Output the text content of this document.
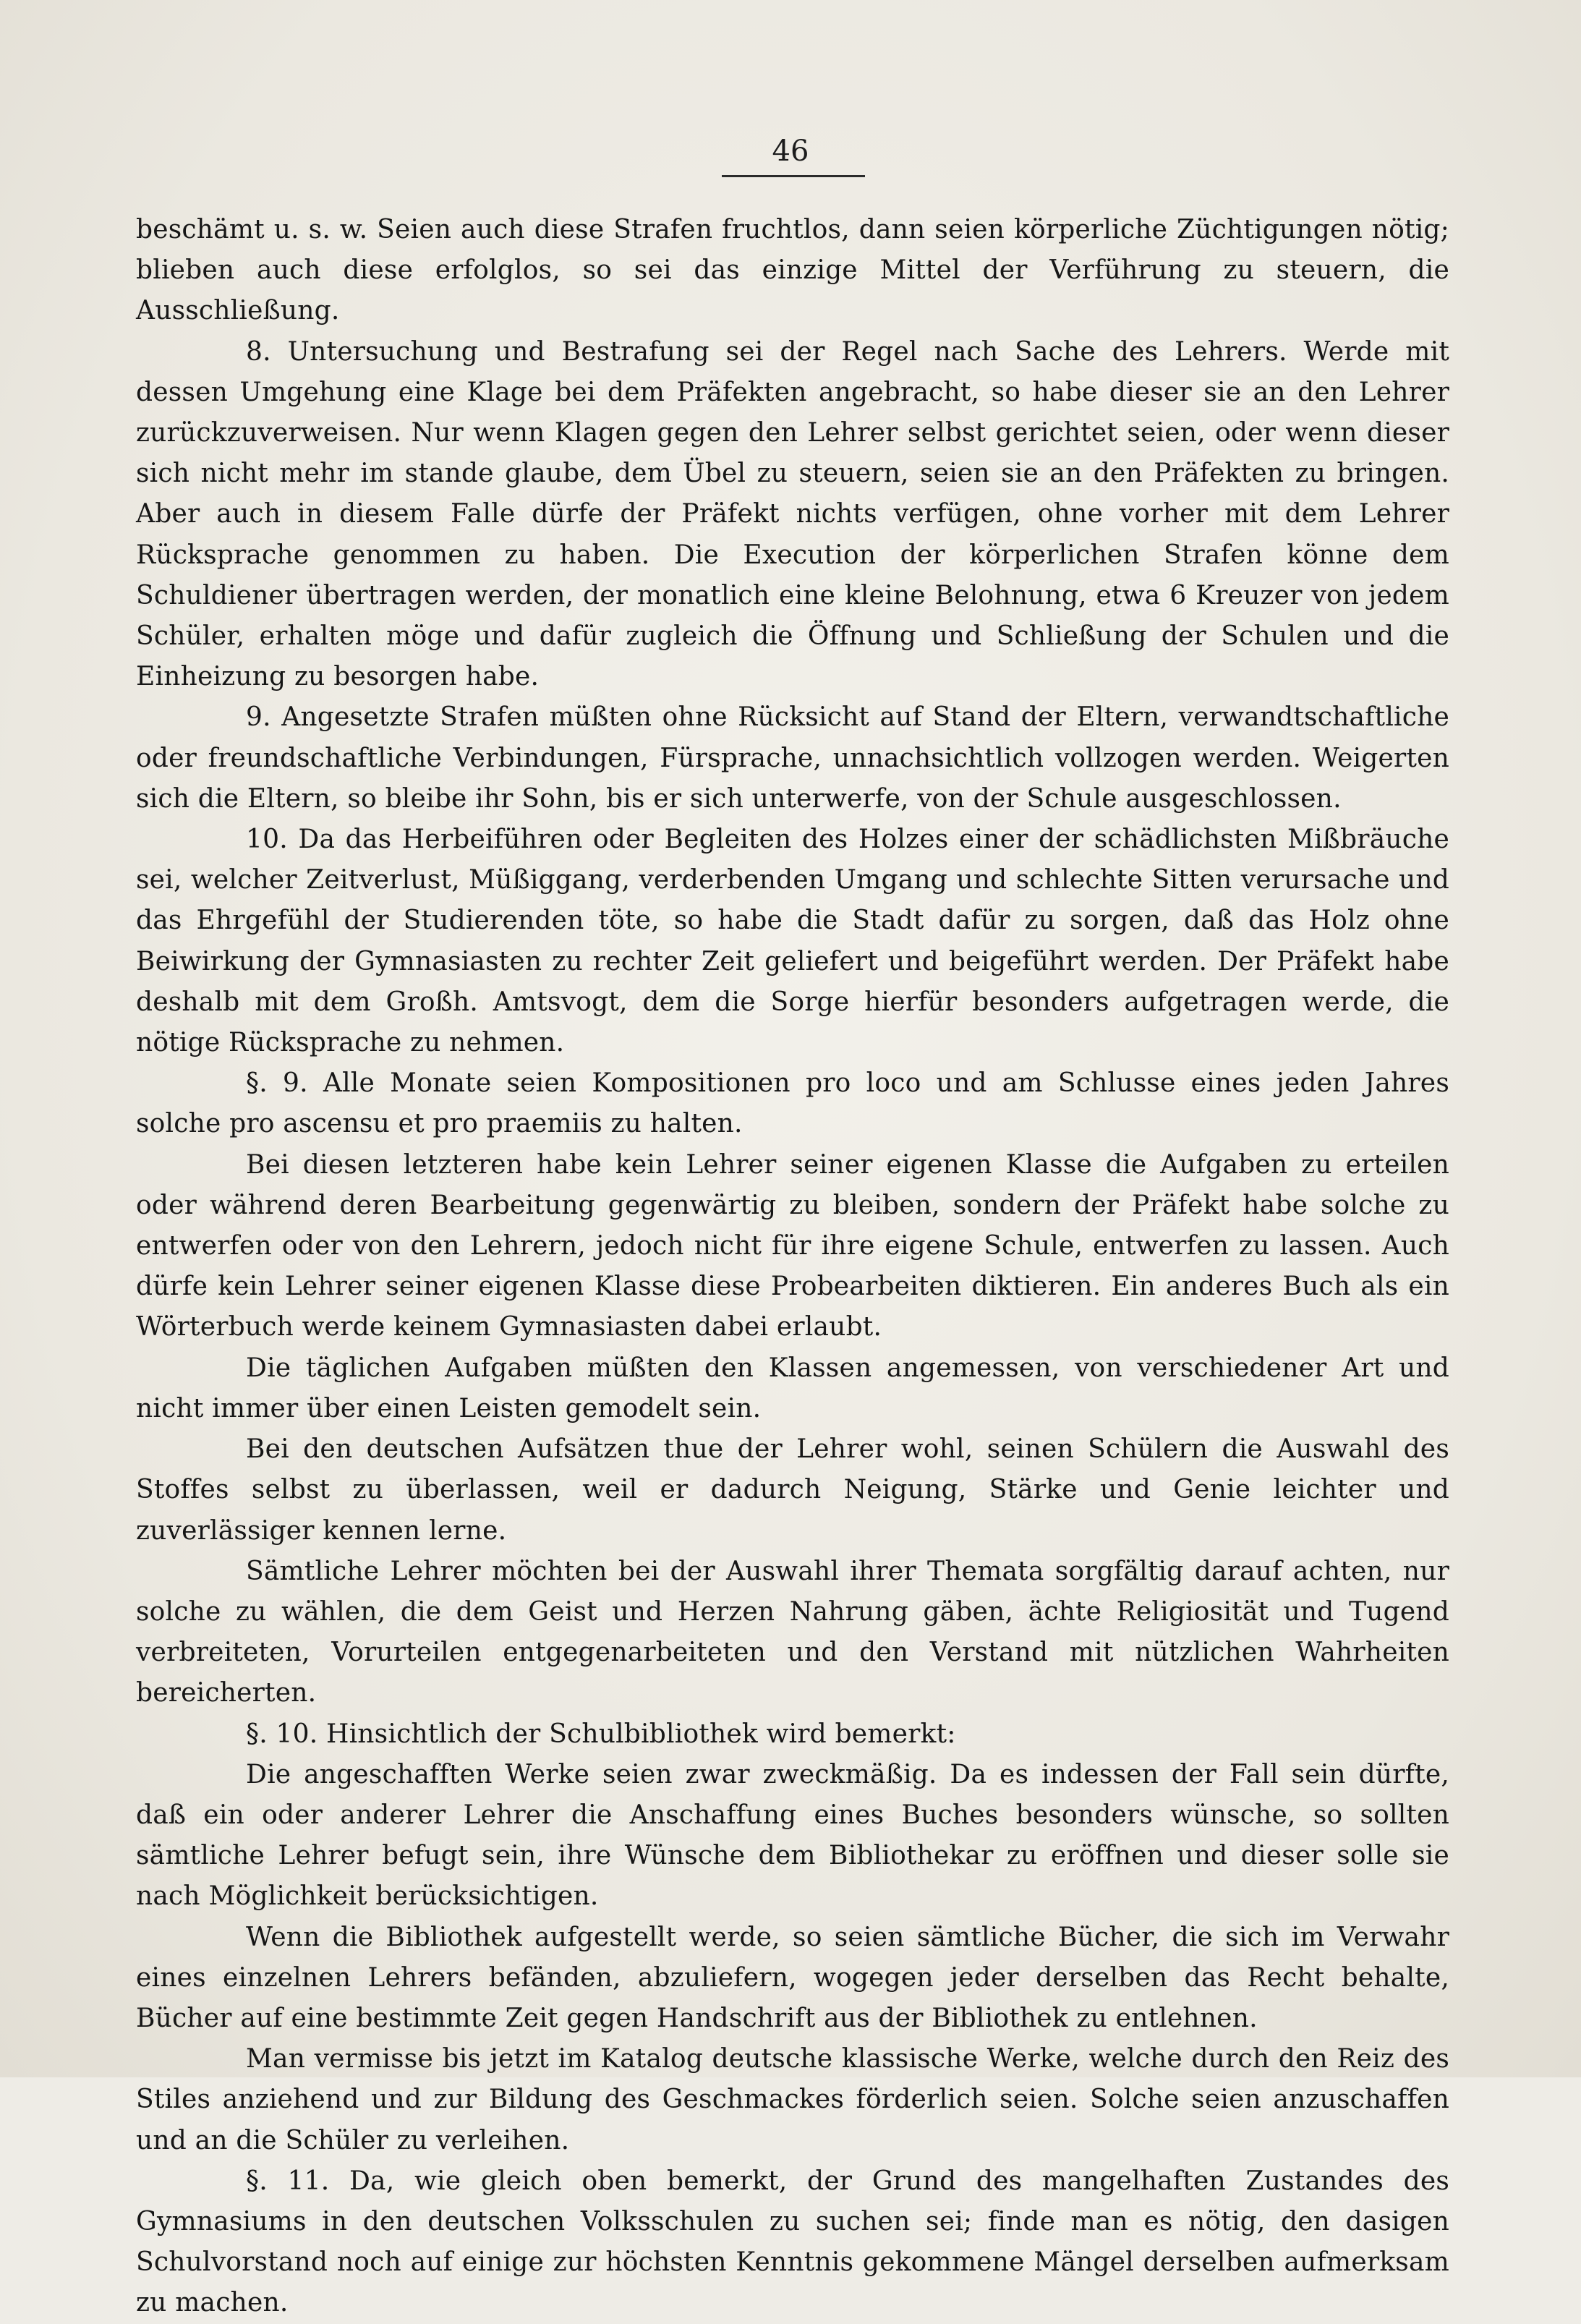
46

beschämt u. s. w. Seien auch diese Strafen fruchtlos, dann seien körperliche Züchtigungen nötig; blieben auch diese erfolglos, so sei das einzige Mittel der Verführung zu steuern, die Ausschließung.

8. Untersuchung und Bestrafung sei der Regel nach Sache des Lehrers. Werde mit dessen Umgehung eine Klage bei dem Präfekten angebracht, so habe dieser sie an den Lehrer zurückzuverweisen. Nur wenn Klagen gegen den Lehrer selbst gerichtet seien, oder wenn dieser sich nicht mehr im stande glaube, dem Übel zu steuern, seien sie an den Präfekten zu bringen. Aber auch in diesem Falle dürfe der Präfekt nichts verfügen, ohne vorher mit dem Lehrer Rücksprache genommen zu haben. Die Execution der körperlichen Strafen könne dem Schuldiener übertragen werden, der monatlich eine kleine Belohnung, etwa 6 Kreuzer von jedem Schüler, erhalten möge und dafür zugleich die Öffnung und Schließung der Schulen und die Einheizung zu besorgen habe.

9. Angesetzte Strafen müßten ohne Rücksicht auf Stand der Eltern, verwandtschaftliche oder freundschaftliche Verbindungen, Fürsprache, unnachsichtlich vollzogen werden. Weigerten sich die Eltern, so bleibe ihr Sohn, bis er sich unterwerfe, von der Schule ausgeschlossen.

10. Da das Herbeiführen oder Begleiten des Holzes einer der schädlichsten Mißbräuche sei, welcher Zeitverlust, Müßiggang, verderbenden Umgang und schlechte Sitten verursache und das Ehrgefühl der Studierenden töte, so habe die Stadt dafür zu sorgen, daß das Holz ohne Beiwirkung der Gymnasiasten zu rechter Zeit geliefert und beigeführt werden. Der Präfekt habe deshalb mit dem Großh. Amtsvogt, dem die Sorge hierfür besonders aufgetragen werde, die nötige Rücksprache zu nehmen.

§. 9. Alle Monate seien Kompositionen pro loco und am Schlusse eines jeden Jahres solche pro ascensu et pro praemiis zu halten.

Bei diesen letzteren habe kein Lehrer seiner eigenen Klasse die Aufgaben zu erteilen oder während deren Bearbeitung gegenwärtig zu bleiben, sondern der Präfekt habe solche zu entwerfen oder von den Lehrern, jedoch nicht für ihre eigene Schule, entwerfen zu lassen. Auch dürfe kein Lehrer seiner eigenen Klasse diese Probearbeiten diktieren. Ein anderes Buch als ein Wörterbuch werde keinem Gymnasiasten dabei erlaubt.

Die täglichen Aufgaben müßten den Klassen angemessen, von verschiedener Art und nicht immer über einen Leisten gemodelt sein.

Bei den deutschen Aufsätzen thue der Lehrer wohl, seinen Schülern die Auswahl des Stoffes selbst zu überlassen, weil er dadurch Neigung, Stärke und Genie leichter und zuverlässiger kennen lerne.

Sämtliche Lehrer möchten bei der Auswahl ihrer Themata sorgfältig darauf achten, nur solche zu wählen, die dem Geist und Herzen Nahrung gäben, ächte Religiosität und Tugend verbreiteten, Vorurteilen entgegenarbeiteten und den Verstand mit nützlichen Wahrheiten bereicherten.

§. 10. Hinsichtlich der Schulbibliothek wird bemerkt:

Die angeschafften Werke seien zwar zweckmäßig. Da es indessen der Fall sein dürfte, daß ein oder anderer Lehrer die Anschaffung eines Buches besonders wünsche, so sollten sämtliche Lehrer befugt sein, ihre Wünsche dem Bibliothekar zu eröffnen und dieser solle sie nach Möglichkeit berücksichtigen.

Wenn die Bibliothek aufgestellt werde, so seien sämtliche Bücher, die sich im Verwahr eines einzelnen Lehrers befänden, abzuliefern, wogegen jeder derselben das Recht behalte, Bücher auf eine bestimmte Zeit gegen Handschrift aus der Bibliothek zu entlehnen.

Man vermisse bis jetzt im Katalog deutsche klassische Werke, welche durch den Reiz des Stiles anziehend und zur Bildung des Geschmackes förderlich seien. Solche seien anzuschaffen und an die Schüler zu verleihen.

§. 11. Da, wie gleich oben bemerkt, der Grund des mangelhaften Zustandes des Gymnasiums in den deutschen Volksschulen zu suchen sei; finde man es nötig, den dasigen Schulvorstand noch auf einige zur höchsten Kenntnis gekommene Mängel derselben aufmerksam zu machen.
